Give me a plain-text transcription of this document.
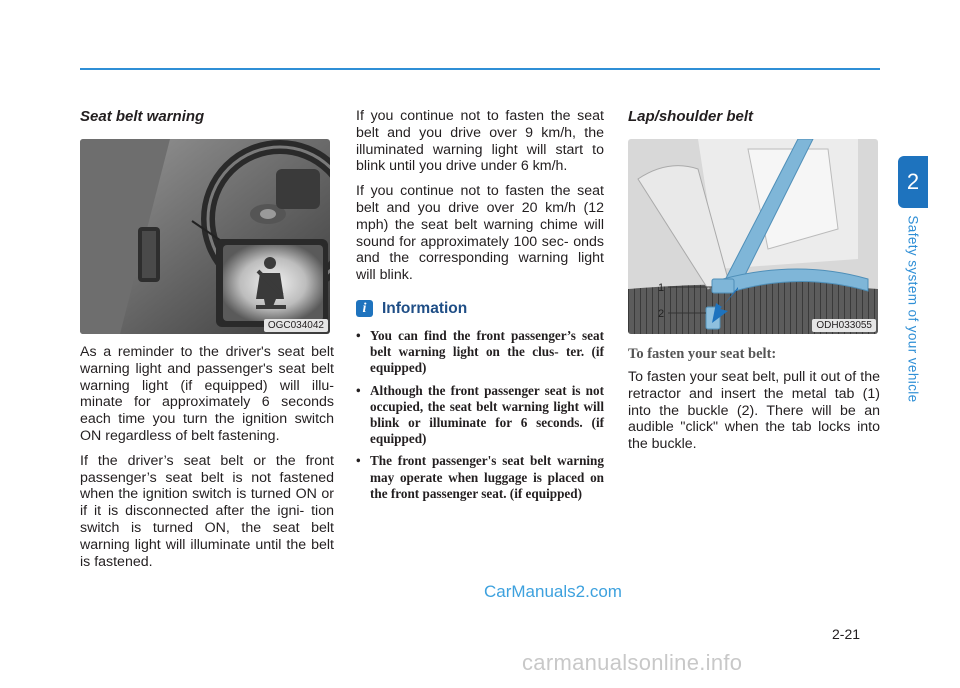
2
Safety system of your vehicle
Seat belt warning
OGC034042

As a reminder to the driver's seat belt warning light and passenger's seat belt warning light (if equipped) will illu- minate for approximately 6 seconds each time you turn the ignition switch ON regardless of belt fastening.

If the driver’s seat belt or the front passenger’s seat belt is not fastened when the ignition switch is turned ON or if it is disconnected after the igni- tion switch is turned ON, the seat belt warning light will illuminate until the belt is fastened.

If you continue not to fasten the seat belt and you drive over 9 km/h, the illuminated warning light will start to blink until you drive under 6 km/h.

If you continue not to fasten the seat belt and you drive over 20 km/h (12 mph) the seat belt warning chime will sound for approximately 100 sec- onds and the corresponding warning light will blink.

i	Information
• You can find the front passenger’s seat belt warning light on the clus- ter. (if equipped)
• Although the front passenger seat is not occupied, the seat belt warning light will blink or illuminate for 6 seconds. (if equipped)
• The front passenger's seat belt warning may operate when luggage is placed on the front passenger seat. (if equipped)
Lap/shoulder belt
1
2
ODH033055
To fasten your seat belt:

To fasten your seat belt, pull it out of the retractor and insert the metal tab (1) into the buckle (2). There will be an audible "click" when the tab locks into the buckle.

CarManuals2.com
2-21
carmanualsonline.info
